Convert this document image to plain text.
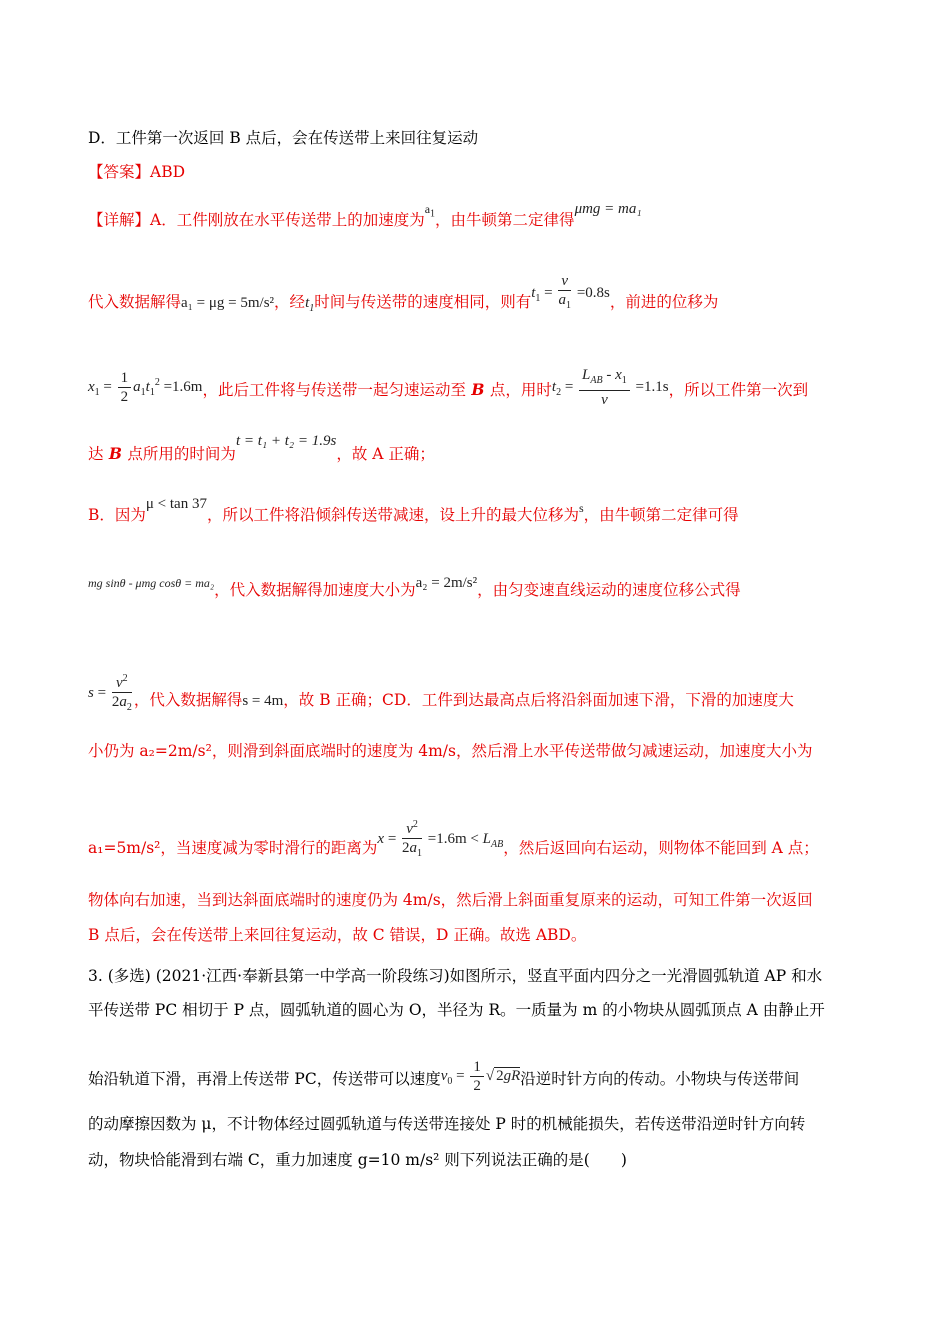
D．工件第一次返回 B 点后，会在传送带上来回往复运动
【答案】ABD
【详解】A．工件刚放在水平传送带上的加速度为$^{a_1}$，由牛顿第二定律得μmg = ma₁
代入数据解得a₁ = μg = 5m/s²，经$t_1$时间与传送带的速度相同，则有$t_1 = \frac{v}{a_1} =0.8s$，前进的位移为
$x_1 = \frac{1}{2} a_1t_1^2 =1.6m$，此后工件将与传送带一起匀速运动至 B 点，用时$t_2 = \frac{L_{AB} - x_1}{v} =1.1s$，所以工件第一次到
达 B 点所用的时间为t = t₁ + t₂ = 1.9s，故 A 正确；
B．因为μ < tan 37，所以工件将沿倾斜传送带减速，设上升的最大位移为$^s$，由牛顿第二定律可得
$^{mg sin\theta - \mu mg cos\theta = ma_2}$，代入数据解得加速度大小为a₂ = 2m/s²，由匀变速直线运动的速度位移公式得
$s = \frac{v^2}{2a_2}$ ，代入数据解得s = 4m，故 B 正确；CD．工件到达最高点后将沿斜面加速下滑，下滑的加速度大
小仍为 a₂=2m/s²，则滑到斜面底端时的速度为 4m/s，然后滑上水平传送带做匀减速运动，加速度大小为
a₁=5m/s²，当速度减为零时滑行的距离为$x = \frac{v^2}{2a_1} =1.6m < L_{AB}$，然后返回向右运动，则物体不能回到 A 点；
物体向右加速，当到达斜面底端时的速度仍为 4m/s，然后滑上斜面重复原来的运动，可知工件第一次返回
B 点后，会在传送带上来回往复运动，故 C 错误，D 正确。故选 ABD。
3. (多选) (2021·江西·奉新县第一中学高一阶段练习)如图所示，竖直平面内四分之一光滑圆弧轨道 AP 和水
平传送带 PC 相切于 P 点，圆弧轨道的圆心为 O，半径为 R。一质量为 m 的小物块从圆弧顶点 A 由静止开
始沿轨道下滑，再滑上传送带 PC，传送带可以速度$v_0 = \frac{1}{2}$ √ 2gR沿逆时针方向的传动。小物块与传送带间
的动摩擦因数为 μ，不计物体经过圆弧轨道与传送带连接处 P 时的机械能损失，若传送带沿逆时针方向转
动，物块恰能滑到右端 C，重力加速度 g=10 m/s² 则下列说法正确的是(　　)
